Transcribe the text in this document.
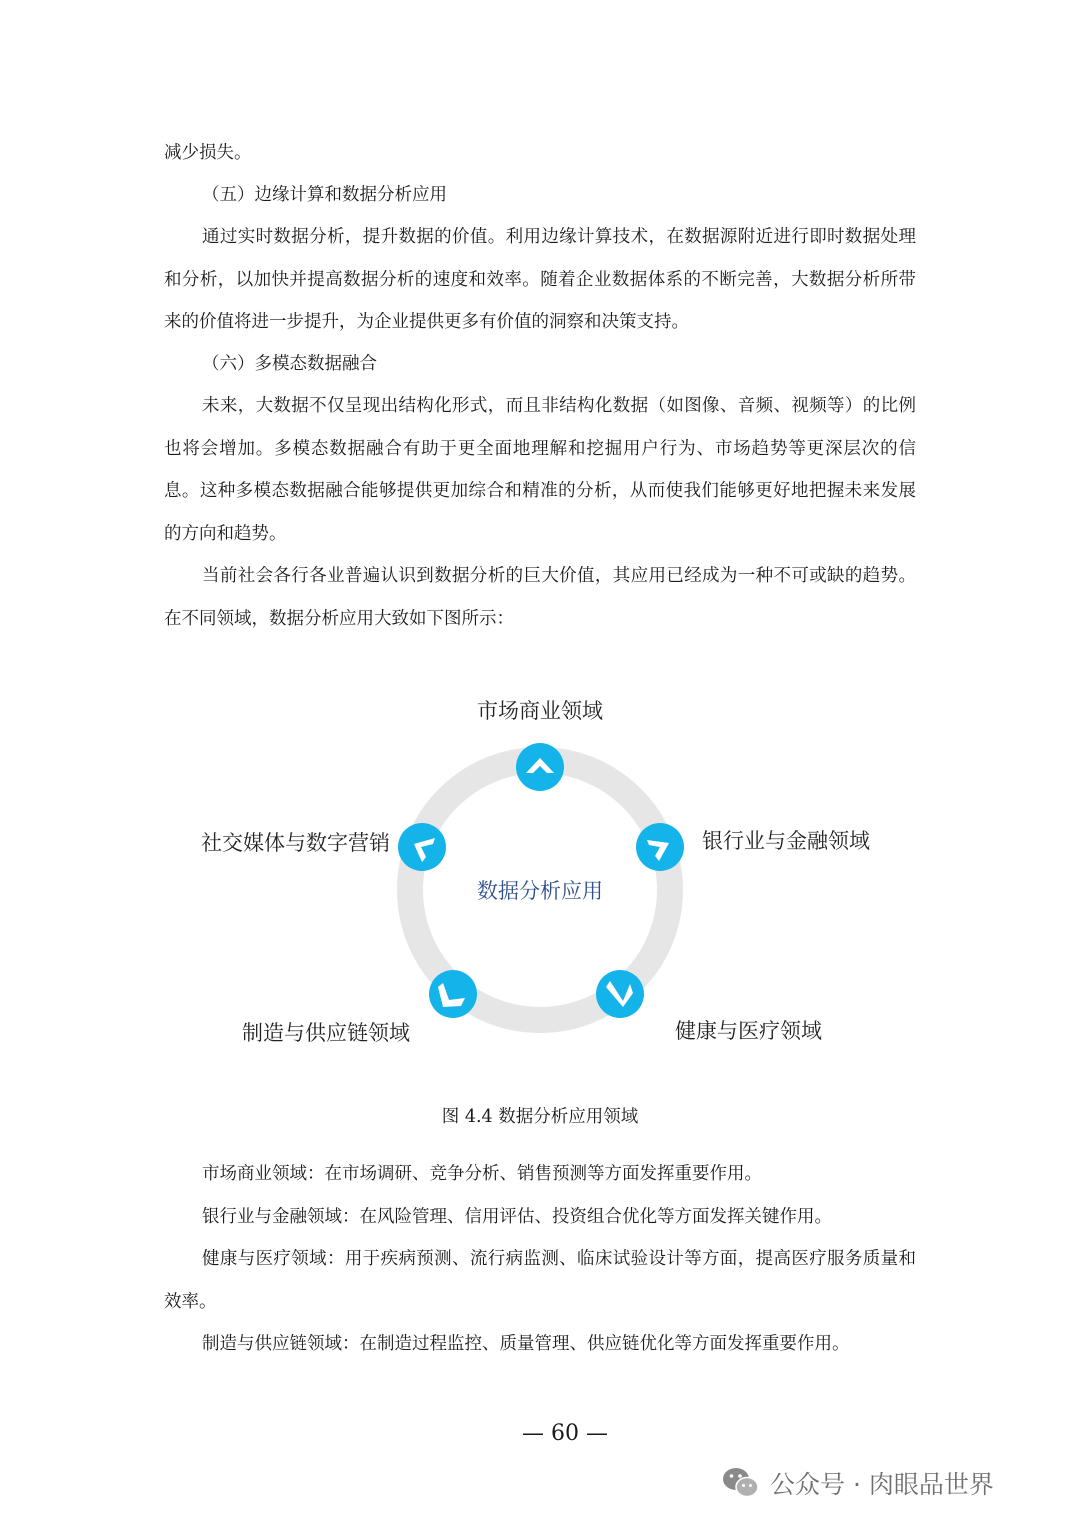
减少损失。

（五）边缘计算和数据分析应用

通过实时数据分析，提升数据的价值。利用边缘计算技术，在数据源附近进行即时数据处理和分析，以加快并提高数据分析的速度和效率。随着企业数据体系的不断完善，大数据分析所带来的价值将进一步提升，为企业提供更多有价值的洞察和决策支持。

（六）多模态数据融合

未来，大数据不仅呈现出结构化形式，而且非结构化数据（如图像、音频、视频等）的比例也将会增加。多模态数据融合有助于更全面地理解和挖掘用户行为、市场趋势等更深层次的信息。这种多模态数据融合能够提供更加综合和精准的分析，从而使我们能够更好地把握未来发展的方向和趋势。

当前社会各行各业普遍认识到数据分析的巨大价值，其应用已经成为一种不可或缺的趋势。在不同领域，数据分析应用大致如下图所示：

数据分析应用
市场商业领域
银行业与金融领域
健康与医疗领域
制造与供应链领域
社交媒体与数字营销

图 4.4 数据分析应用领域

市场商业领域：在市场调研、竞争分析、销售预测等方面发挥重要作用。

银行业与金融领域：在风险管理、信用评估、投资组合优化等方面发挥关键作用。

健康与医疗领域：用于疾病预测、流行病监测、临床试验设计等方面，提高医疗服务质量和效率。

制造与供应链领域：在制造过程监控、质量管理、供应链优化等方面发挥重要作用。

— 60 —
公众号 · 肉眼品世界
